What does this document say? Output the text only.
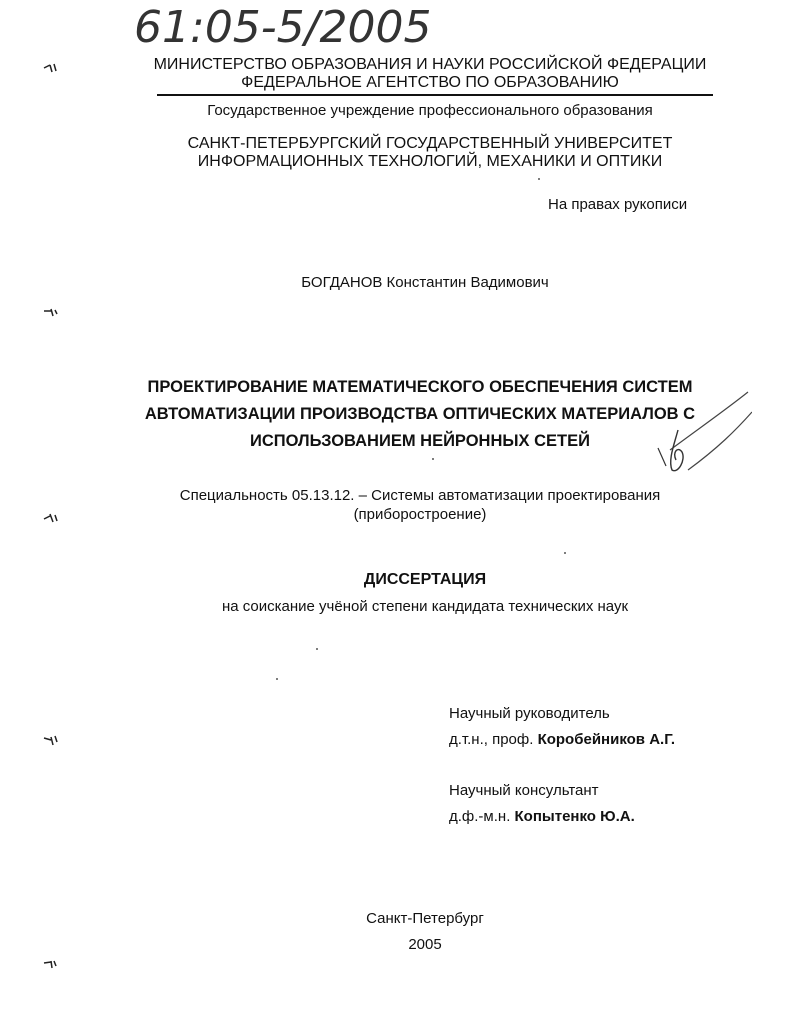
61:05-5/2005
МИНИСТЕРСТВО ОБРАЗОВАНИЯ И НАУКИ РОССИЙСКОЙ ФЕДЕРАЦИИ
ФЕДЕРАЛЬНОЕ АГЕНТСТВО ПО ОБРАЗОВАНИЮ
Государственное учреждение профессионального образования
САНКТ-ПЕТЕРБУРГСКИЙ ГОСУДАРСТВЕННЫЙ УНИВЕРСИТЕТ
ИНФОРМАЦИОННЫХ ТЕХНОЛОГИЙ, МЕХАНИКИ И ОПТИКИ
На правах рукописи
БОГДАНОВ Константин Вадимович
ПРОЕКТИРОВАНИЕ МАТЕМАТИЧЕСКОГО ОБЕСПЕЧЕНИЯ СИСТЕМ
АВТОМАТИЗАЦИИ ПРОИЗВОДСТВА ОПТИЧЕСКИХ МАТЕРИАЛОВ С
ИСПОЛЬЗОВАНИЕМ НЕЙРОННЫХ СЕТЕЙ
Специальность 05.13.12. – Системы автоматизации проектирования
(приборостроение)
ДИССЕРТАЦИЯ
на соискание учёной степени кандидата технических наук
Научный руководитель
д.т.н., проф. Коробейников А.Г.
Научный консультант
д.ф.-м.н. Копытенко Ю.А.
Санкт-Петербург
2005
